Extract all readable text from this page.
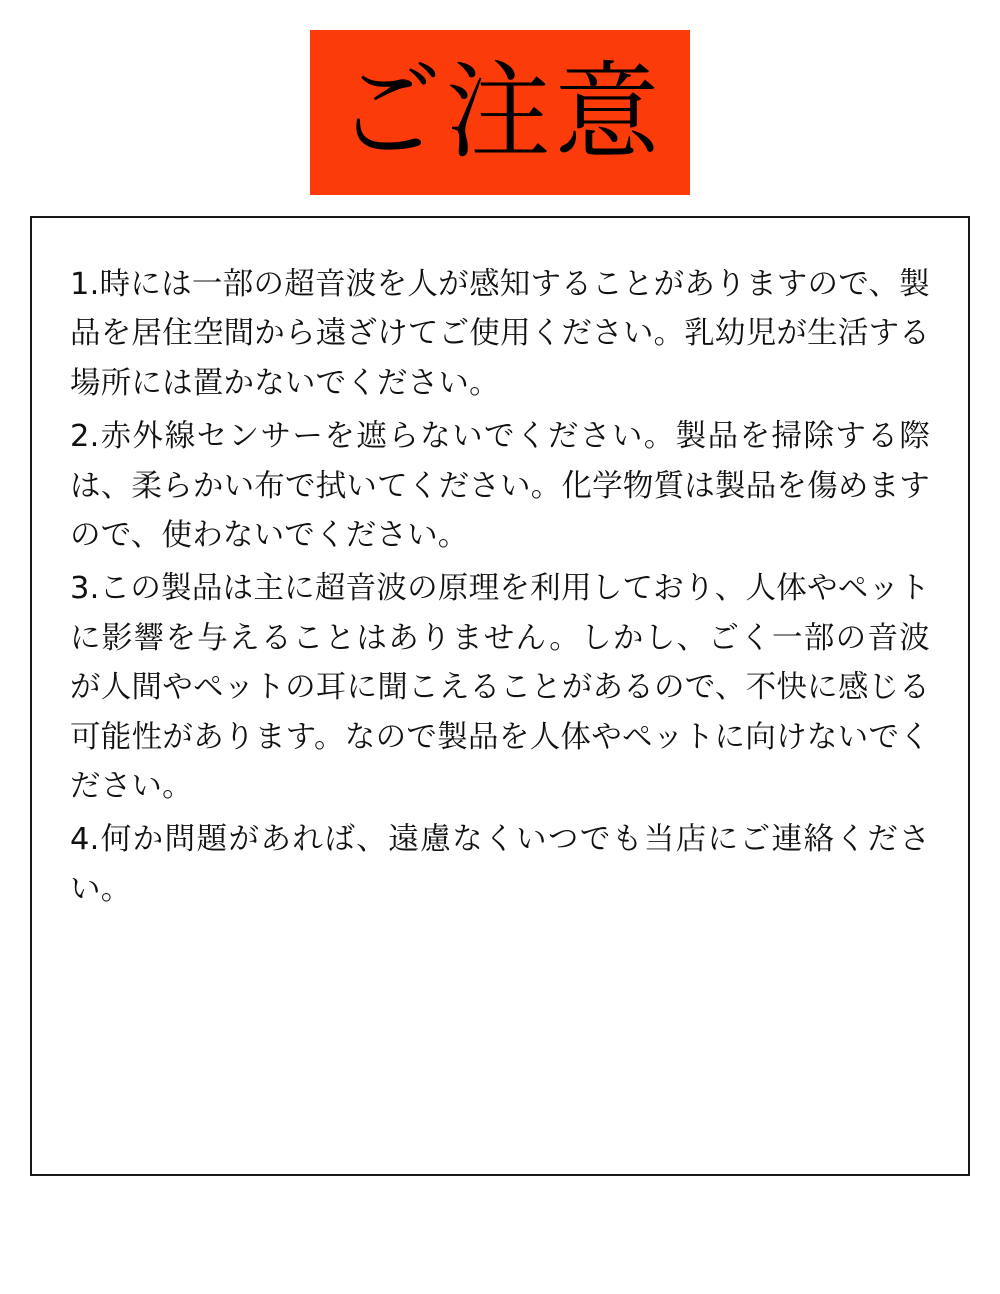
ご注意
1.時には一部の超音波を人が感知することがありますので、製品を居住空間から遠ざけてご使用ください。乳幼児が生活する場所には置かないでください。
2.赤外線センサーを遮らないでください。製品を掃除する際は、柔らかい布で拭いてください。化学物質は製品を傷めますので、使わないでください。
3.この製品は主に超音波の原理を利用しており、人体やペットに影響を与えることはありません。しかし、ごく一部の音波が人間やペットの耳に聞こえることがあるので、不快に感じる可能性があります。なので製品を人体やペットに向けないでください。
4.何か問題があれば、遠慮なくいつでも当店にご連絡ください。
